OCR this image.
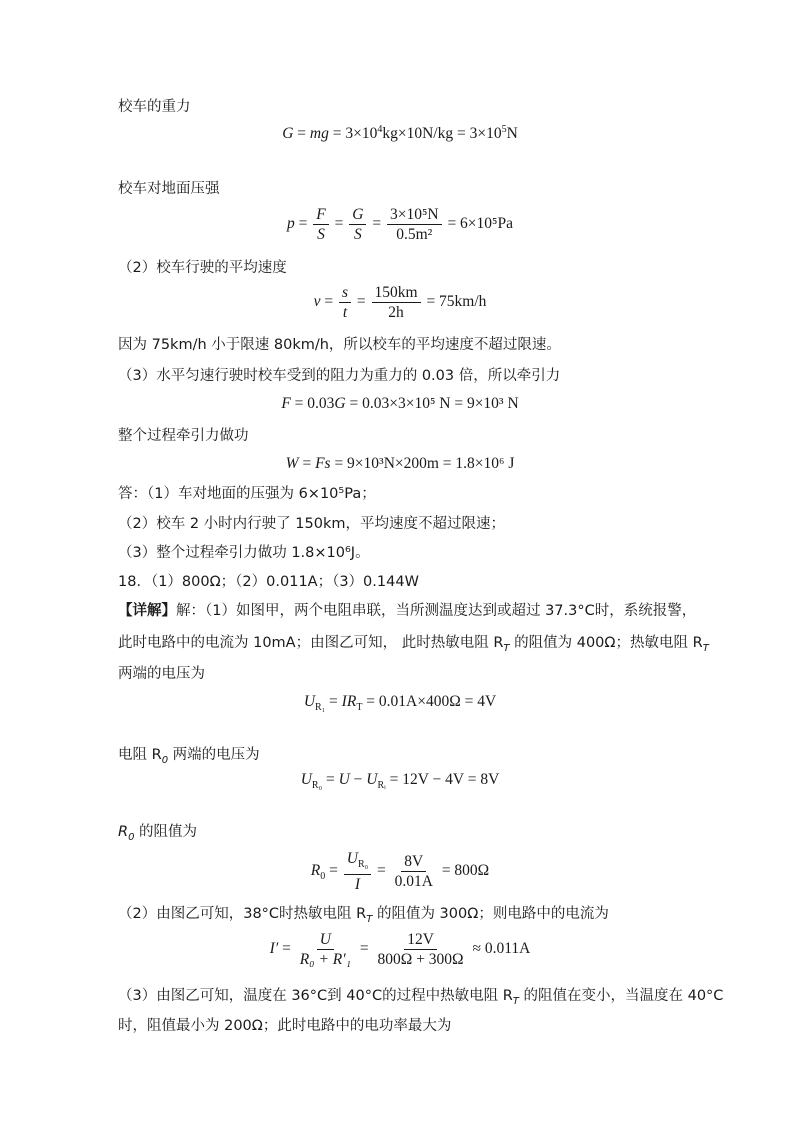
校车的重力
G = mg = $3\times 10^4kg\times 10N/kg = 3\times 10^5N$
校车对地面压强
$p = \frac{F}{S} = \frac{G}{S} = \frac{\text{3×10⁵N}}{\text{0.5m²}} = 6\times 10^5Pa$
（2）校车行驶的平均速度
$v = \frac{s}{t} = \frac{150km}{2h} = 75km/h$
因为 75km/h 小于限速 80km/h，所以校车的平均速度不超过限速。
（3）水平匀速行驶时校车受到的阻力为重力的 0.03 倍，所以牵引力
F = 0.03G = 0.03×3×10⁵ N = 9×10³ N
整个过程牵引力做功
W = Fs = 9×10³N×200m = 1.8×10⁶ J
答：（1）车对地面的压强为 6×10⁵Pa；
（2）校车 2 小时内行驶了 150km，平均速度不超过限速；
（3）整个过程牵引力做功 1.8×10⁶J。
18．（1）800Ω；（2）0.011A；（3）0.144W
【详解】解：（1）如图甲，两个电阻串联，当所测温度达到或超过 37.3°C时，系统报警，
此时电路中的电流为 10mA；由图乙可知， 此时热敏电阻 $R_T$ 的阻值为 400Ω；热敏电阻 $R_T$
两端的电压为
$U_{R_1} = IR_T = 0.01A\times 400\Omega = 4V$
电阻 $R_0$ 两端的电压为
$U_{R_0} = U - U_{Rᵢ} = 12V - 4V = 8V$
$R_0$ 的阻值为
$R_0 = \frac{U_{R_0}}{I} = \frac{8V}{0.01A} = 800\Omega$
（2）由图乙可知，38°C时热敏电阻 $R_T$ 的阻值为 300Ω；则电路中的电流为
$I' = \frac{U}{\text{R₀ + R′₁}} = \frac{12V}{800\Omega + 300\Omega} \approx 0.011A$
（3）由图乙可知，温度在 36°C到 40°C的过程中热敏电阻 $R_T$ 的阻值在变小，当温度在 40°C
时，阻值最小为 200Ω；此时电路中的电功率最大为
